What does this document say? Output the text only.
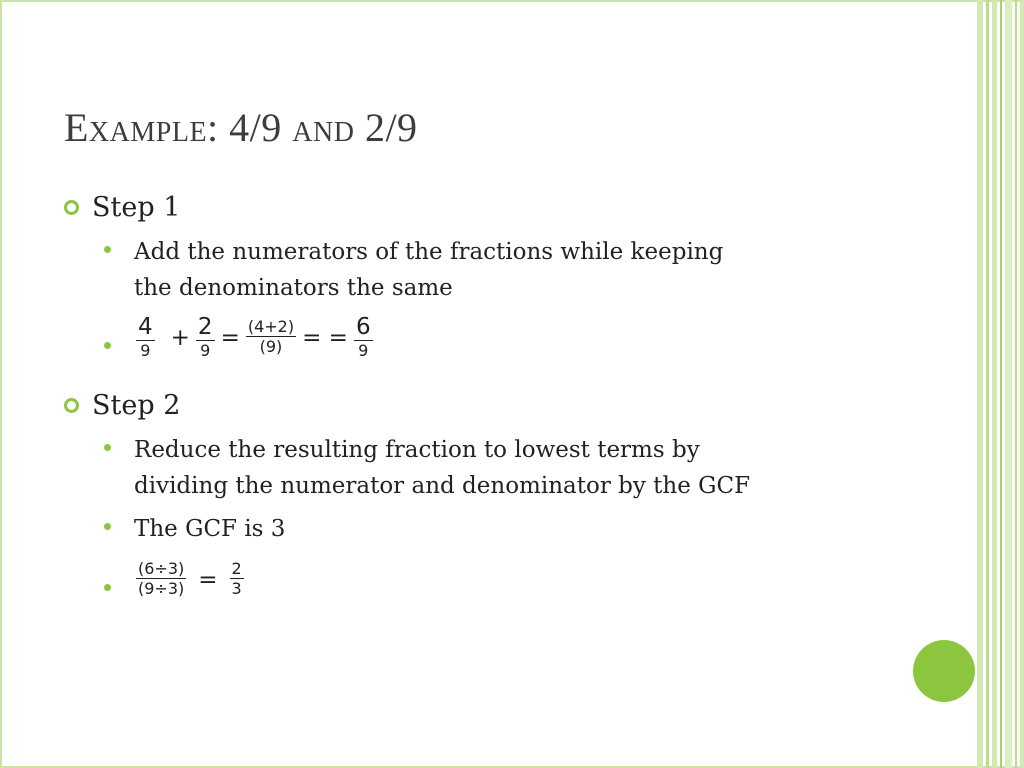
Example: 4/9 and 2/9
Step 1
Add the numerators of the fractions while keeping
the denominators the same
$\frac{4}{9} + \frac{2}{9} = \frac{(4+2)}{(9)}$ = = $\frac{6}{9}$
Step 2
Reduce the resulting fraction to lowest terms by
dividing the numerator and denominator by the GCF
The GCF is 3
$\frac{(6\div 3)}{(9\div 3)} = \frac{2}{3}$
